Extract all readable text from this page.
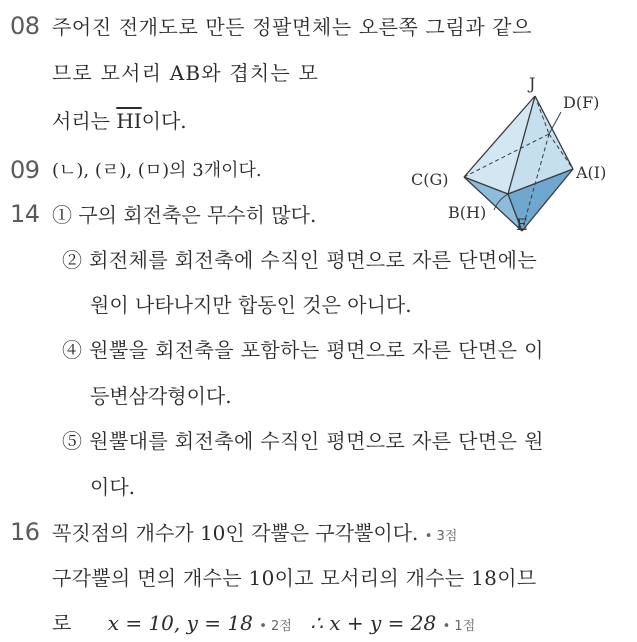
08 주어진 전개도로 만든 정팔면체는 오른쪽 그림과 같으
므로 모서리 AB와 겹치는 모
서리는 $\overline{HI}$이다.
J
D(F)
C(G)	A(I)
B(H)
E
09 (ㄴ), (ㄹ), (ㅁ)의 3개이다.
14 ① 구의 회전축은 무수히 많다.
② 회전체를 회전축에 수직인 평면으로 자른 단면에는
원이 나타나지만 합동인 것은 아니다.
④ 원뿔을 회전축을 포함하는 평면으로 자른 단면은 이
등변삼각형이다.
⑤ 원뿔대를 회전축에 수직인 평면으로 자른 단면은 원
이다.
16 꼭짓점의 개수가 10인 각뿔은 구각뿔이다. • 3점
구각뿔의 면의 개수는 10이고 모서리의 개수는 18이므
로 x = 10, y = 18 • 2점 ∴ x + y = 28 • 1점
